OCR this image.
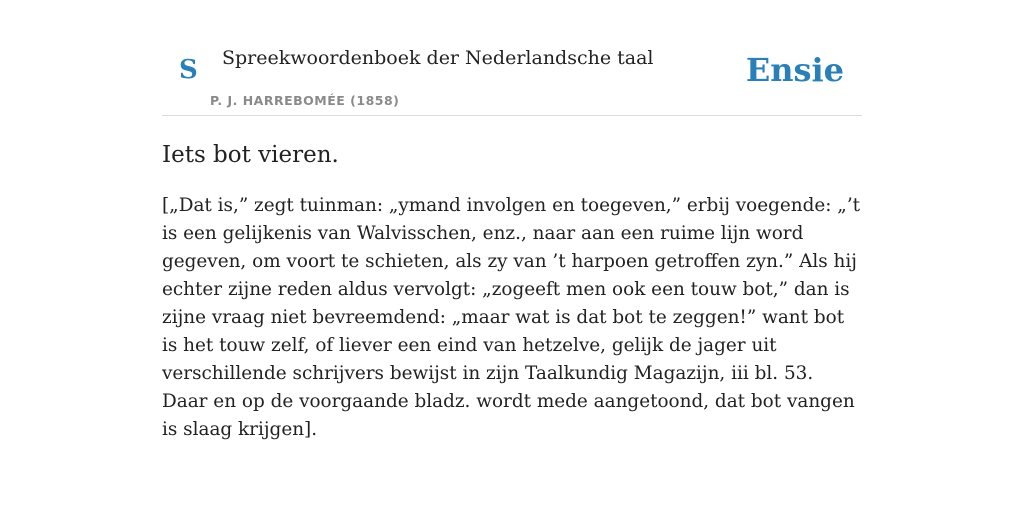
S Spreekwoordenboek der Nederlandsche taal
P. J. HARREBOMÉE (1858)
Ensie
Iets bot vieren.

[„Dat is,” zegt tuinman: „ymand involgen en toegeven,” erbij voegende: „’t is een gelijkenis van Walvisschen, enz., naar aan een ruime lijn word gegeven, om voort te schieten, als zy van ’t harpoen getroffen zyn.” Als hij echter zijne reden aldus vervolgt: „zogeeft men ook een touw bot,” dan is zijne vraag niet bevreemdend: „maar wat is dat bot te zeggen!” want bot is het touw zelf, of liever een eind van hetzelve, gelijk de jager uit verschillende schrijvers bewijst in zijn Taalkundig Magazijn, iii bl. 53. Daar en op de voorgaande bladz. wordt mede aangetoond, dat bot vangen is slaag krijgen].
